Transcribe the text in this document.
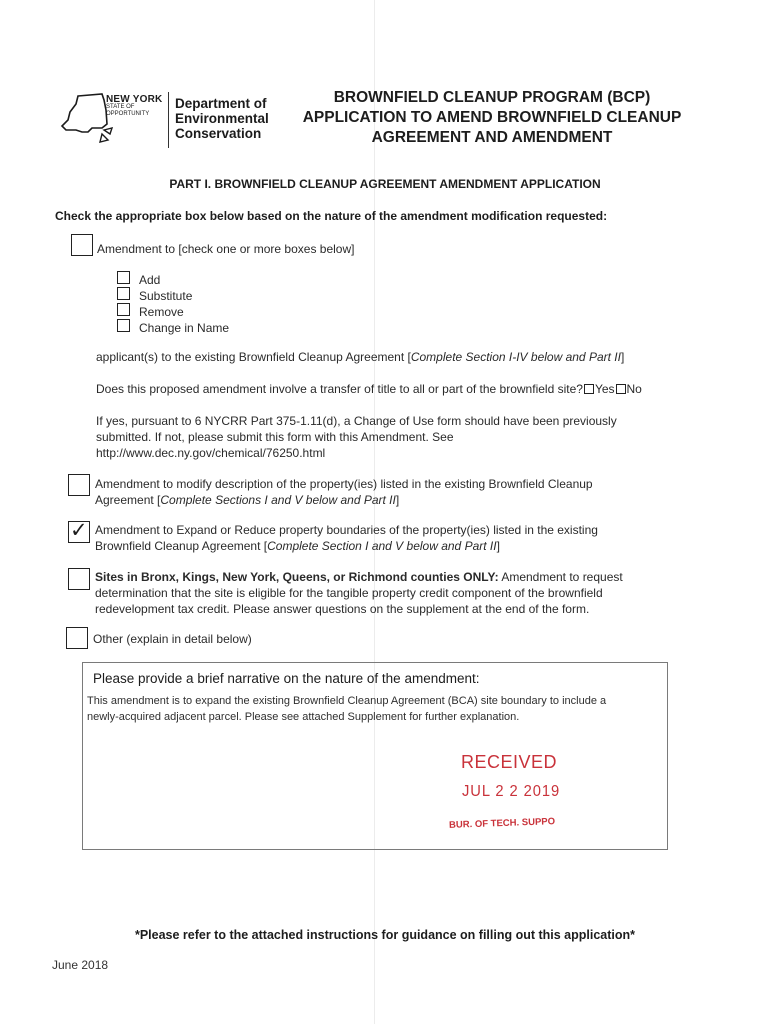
NEW YORK
STATE OF
OPPORTUNITY
Department of
Environmental
Conservation
BROWNFIELD CLEANUP PROGRAM (BCP)
APPLICATION TO AMEND BROWNFIELD CLEANUP
AGREEMENT AND AMENDMENT
PART I. BROWNFIELD CLEANUP AGREEMENT AMENDMENT APPLICATION
Check the appropriate box below based on the nature of the amendment modification requested:
Amendment to [check one or more boxes below]
Add
Substitute
Remove
Change in Name
applicant(s) to the existing Brownfield Cleanup Agreement [Complete Section I-IV below and Part II]
Does this proposed amendment involve a transfer of title to all or part of the brownfield site? Yes No
If yes, pursuant to 6 NYCRR Part 375-1.11(d), a Change of Use form should have been previously
submitted. If not, please submit this form with this Amendment. See
http://www.dec.ny.gov/chemical/76250.html
Amendment to modify description of the property(ies) listed in the existing Brownfield Cleanup
Agreement [Complete Sections I and V below and Part II]
✓ Amendment to Expand or Reduce property boundaries of the property(ies) listed in the existing
Brownfield Cleanup Agreement [Complete Section I and V below and Part II]
Sites in Bronx, Kings, New York, Queens, or Richmond counties ONLY: Amendment to request
determination that the site is eligible for the tangible property credit component of the brownfield
redevelopment tax credit. Please answer questions on the supplement at the end of the form.
Other (explain in detail below)
Please provide a brief narrative on the nature of the amendment:
This amendment is to expand the existing Brownfield Cleanup Agreement (BCA) site boundary to include a
newly-acquired adjacent parcel. Please see attached Supplement for further explanation.
RECEIVED
JUL 2 2 2019
BUR. OF TECH. SUPPO
*Please refer to the attached instructions for guidance on filling out this application*
June 2018
